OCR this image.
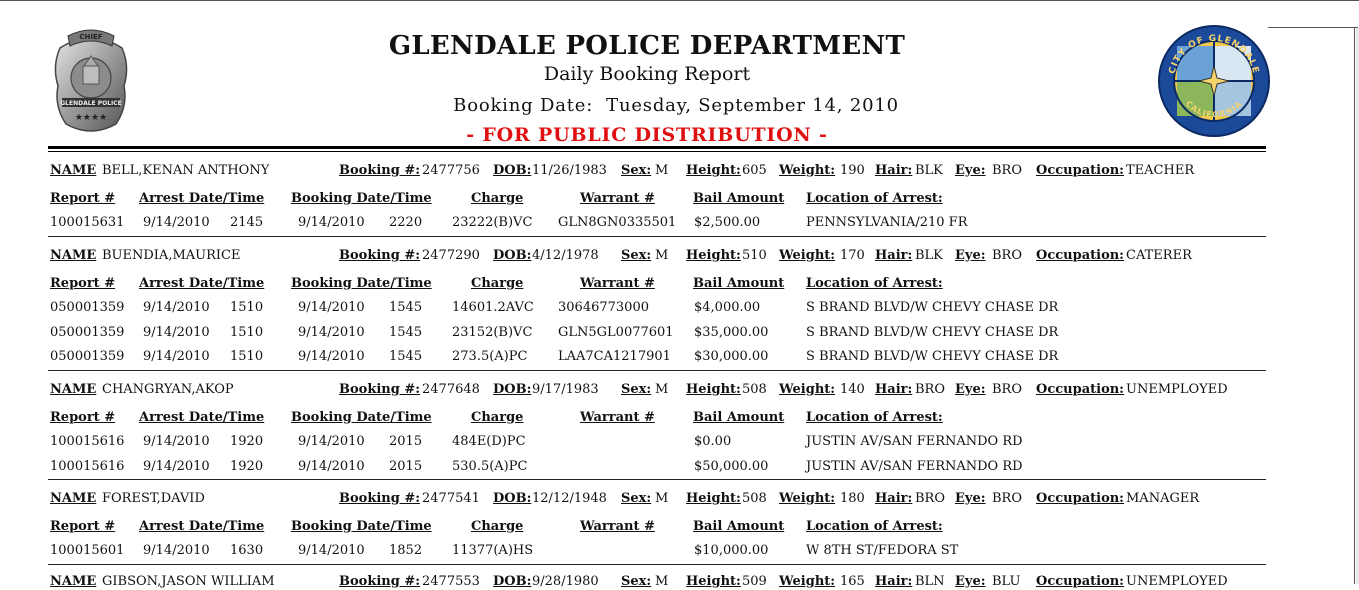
GLENDALE POLICE
CHIEF
★★★★
CITY OF GLENDALE
CALIFORNIA
GLENDALE POLICE DEPARTMENT
Daily Booking Report
Booking Date: Tuesday, September 14, 2010
- FOR PUBLIC DISTRIBUTION -
NAME BELL,KENAN ANTHONY	Booking #: 2477756 DOB: 11/26/1983 Sex: M Height: 605 Weight: 190 Hair: BLK Eye: BRO Occupation: TEACHER
Report # Arrest Date/Time Booking Date/Time	Charge	Warrant #	Bail Amount Location of Arrest:
100015631 9/14/2010 2145	9/14/2010 2220 23222(B)VC GLN8GN0335501 $2,500.00	PENNSYLVANIA/210 FR
NAME BUENDIA,MAURICE	Booking #: 2477290 DOB: 4/12/1978 Sex: M Height: 510 Weight: 170 Hair: BLK Eye: BRO Occupation: CATERER
Report # Arrest Date/Time Booking Date/Time	Charge	Warrant #	Bail Amount Location of Arrest:
050001359 9/14/2010 1510	9/14/2010 1545 14601.2AVC 30646773000	$4,000.00	S BRAND BLVD/W CHEVY CHASE DR
050001359 9/14/2010 1510	9/14/2010 1545 23152(B)VC GLN5GL0077601 $35,000.00	S BRAND BLVD/W CHEVY CHASE DR
050001359 9/14/2010 1510	9/14/2010 1545 273.5(A)PC LAA7CA1217901 $30,000.00	S BRAND BLVD/W CHEVY CHASE DR
NAME CHANGRYAN,AKOP	Booking #: 2477648 DOB: 9/17/1983 Sex: M Height: 508 Weight: 140 Hair: BRO Eye: BRO Occupation: UNEMPLOYED
Report # Arrest Date/Time Booking Date/Time	Charge	Warrant #	Bail Amount Location of Arrest:
100015616 9/14/2010 1920	9/14/2010 2015 484E(D)PC	$0.00	JUSTIN AV/SAN FERNANDO RD
100015616 9/14/2010 1920	9/14/2010 2015 530.5(A)PC	$50,000.00	JUSTIN AV/SAN FERNANDO RD
NAME FOREST,DAVID	Booking #: 2477541 DOB: 12/12/1948 Sex: M Height: 508 Weight: 180 Hair: BRO Eye: BRO Occupation: MANAGER
Report # Arrest Date/Time Booking Date/Time	Charge	Warrant #	Bail Amount Location of Arrest:
100015601 9/14/2010 1630	9/14/2010 1852 11377(A)HS	$10,000.00	W 8TH ST/FEDORA ST
NAME GIBSON,JASON WILLIAM	Booking #: 2477553 DOB: 9/28/1980 Sex: M Height: 509 Weight: 165 Hair: BLN Eye: BLU Occupation: UNEMPLOYED
